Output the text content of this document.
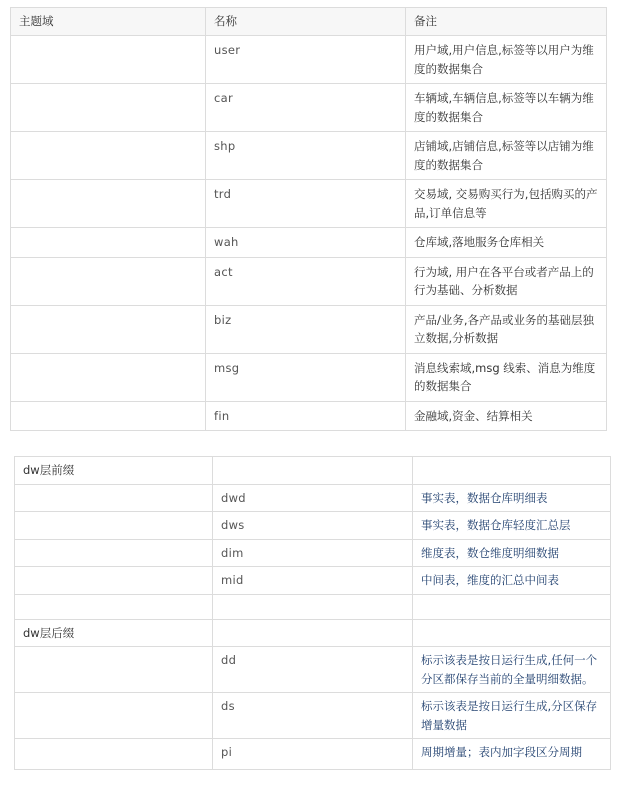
主题域	名称	备注
	user	用户域,用户信息,标签等以用户为维度的数据集合
	car	车辆域,车辆信息,标签等以车辆为维度的数据集合
	shp	店铺域,店铺信息,标签等以店铺为维度的数据集合
	trd	交易域, 交易购买行为,包括购买的产品,订单信息等
	wah	仓库域,落地服务仓库相关
	act	行为域, 用户在各平台或者产品上的行为基础、分析数据
	biz	产品/业务,各产品或业务的基础层独立数据,分析数据
	msg	消息线索域,msg 线索、消息为维度的数据集合
	fin	金融域,资金、结算相关
dw层前缀		
	dwd	事实表，数据仓库明细表
	dws	事实表，数据仓库轻度汇总层
	dim	维度表，数仓维度明细数据
	mid	中间表，维度的汇总中间表

dw层后缀		
	dd	标示该表是按日运行生成,任何一个分区都保存当前的全量明细数据。
	ds	标示该表是按日运行生成,分区保存增量数据
	pi	周期增量；表内加字段区分周期
